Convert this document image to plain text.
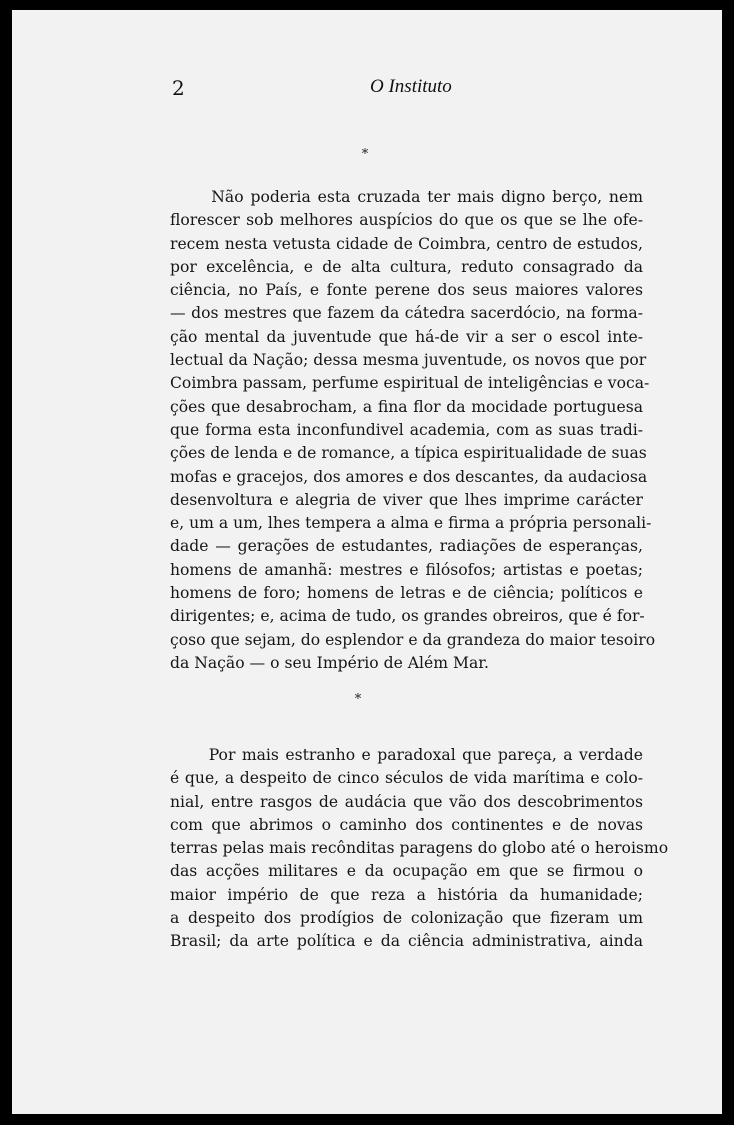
2	O Instituto
*
Não poderia esta cruzada ter mais digno berço, nem
florescer sob melhores auspícios do que os que se lhe ofe-
recem nesta vetusta cidade de Coimbra, centro de estudos,
por excelência, e de alta cultura, reduto consagrado da
ciência, no País, e fonte perene dos seus maiores valores
— dos mestres que fazem da cátedra sacerdócio, na forma-
ção mental da juventude que há-de vir a ser o escol inte-
lectual da Nação; dessa mesma juventude, os novos que por
Coimbra passam, perfume espiritual de inteligências e voca-
ções que desabrocham, a fina flor da mocidade portuguesa
que forma esta inconfundivel academia, com as suas tradi-
ções de lenda e de romance, a típica espiritualidade de suas
mofas e gracejos, dos amores e dos descantes, da audaciosa
desenvoltura e alegria de viver que lhes imprime carácter
e, um a um, lhes tempera a alma e firma a própria personali-
dade — gerações de estudantes, radiações de esperanças,
homens de amanhã: mestres e filósofos; artistas e poetas;
homens de foro; homens de letras e de ciência; políticos e
dirigentes; e, acima de tudo, os grandes obreiros, que é for-
çoso que sejam, do esplendor e da grandeza do maior tesoiro
da Nação — o seu Império de Além Mar.
*
Por mais estranho e paradoxal que pareça, a verdade
é que, a despeito de cinco séculos de vida marítima e colo-
nial, entre rasgos de audácia que vão dos descobrimentos
com que abrimos o caminho dos continentes e de novas
terras pelas mais recônditas paragens do globo até o heroismo
das acções militares e da ocupação em que se firmou o
maior império de que reza a história da humanidade;
a despeito dos prodígios de colonização que fizeram um
Brasil; da arte política e da ciência administrativa, ainda
